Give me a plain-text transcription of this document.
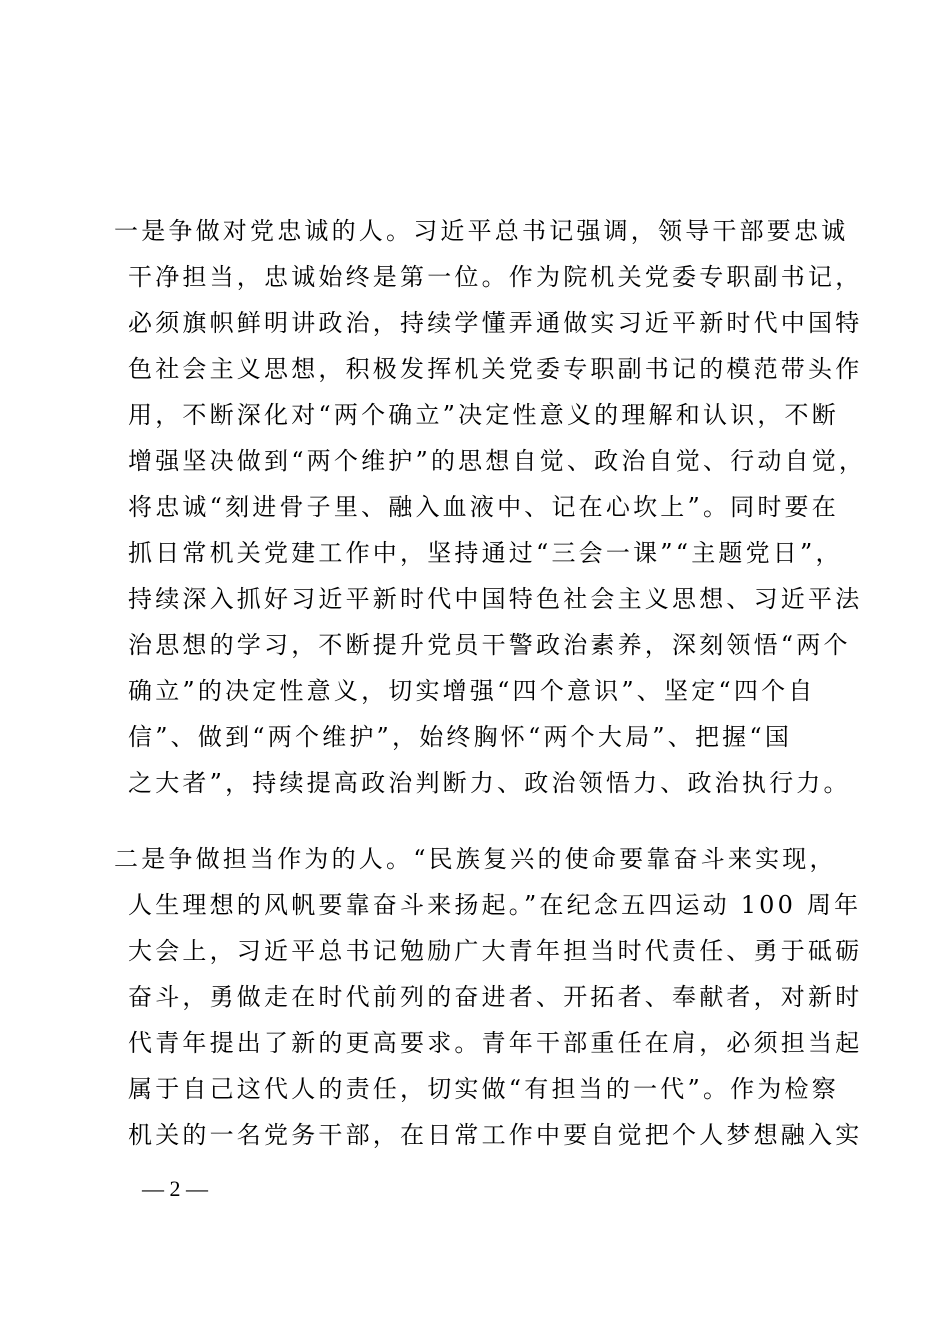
一是争做对党忠诚的人。习近平总书记强调，领导干部要忠诚
干净担当，忠诚始终是第一位。作为院机关党委专职副书记，
必须旗帜鲜明讲政治，持续学懂弄通做实习近平新时代中国特
色社会主义思想，积极发挥机关党委专职副书记的模范带头作
用，不断深化对“两个确立”决定性意义的理解和认识，不断
增强坚决做到“两个维护”的思想自觉、政治自觉、行动自觉，
将忠诚“刻进骨子里、融入血液中、记在心坎上”。同时要在
抓日常机关党建工作中，坚持通过“三会一课”“主题党日”，
持续深入抓好习近平新时代中国特色社会主义思想、习近平法
治思想的学习，不断提升党员干警政治素养，深刻领悟“两个
确立”的决定性意义，切实增强“四个意识”、坚定“四个自
信”、做到“两个维护”，始终胸怀“两个大局”、把握“国
之大者”，持续提高政治判断力、政治领悟力、政治执行力。
二是争做担当作为的人。“民族复兴的使命要靠奋斗来实现，
人生理想的风帆要靠奋斗来扬起。”在纪念五四运动 100 周年
大会上，习近平总书记勉励广大青年担当时代责任、勇于砥砺
奋斗，勇做走在时代前列的奋进者、开拓者、奉献者，对新时
代青年提出了新的更高要求。青年干部重任在肩，必须担当起
属于自己这代人的责任，切实做“有担当的一代”。作为检察
机关的一名党务干部，在日常工作中要自觉把个人梦想融入实
— 2 —
